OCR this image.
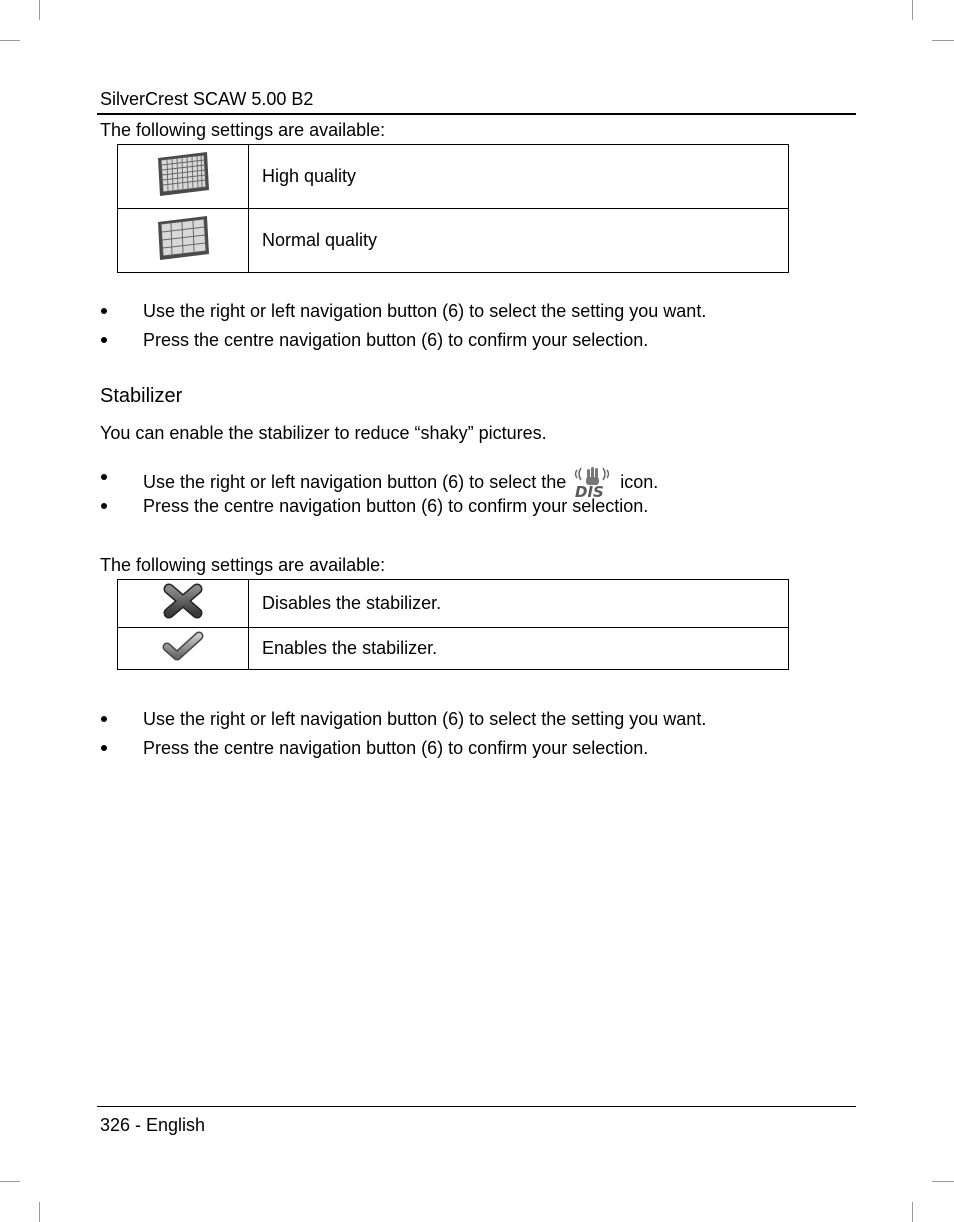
SilverCrest SCAW 5.00 B2
The following settings are available:
	High quality
	Normal quality
Use the right or left navigation button (6) to select the setting you want.
Press the centre navigation button (6) to confirm your selection.
Stabilizer
You can enable the stabilizer to reduce “shaky” pictures.
Use the right or left navigation button (6) to select the
DIS
icon.
Press the centre navigation button (6) to confirm your selection.
The following settings are available:
	Disables the stabilizer.
	Enables the stabilizer.
Use the right or left navigation button (6) to select the setting you want.
Press the centre navigation button (6) to confirm your selection.
326 - English
